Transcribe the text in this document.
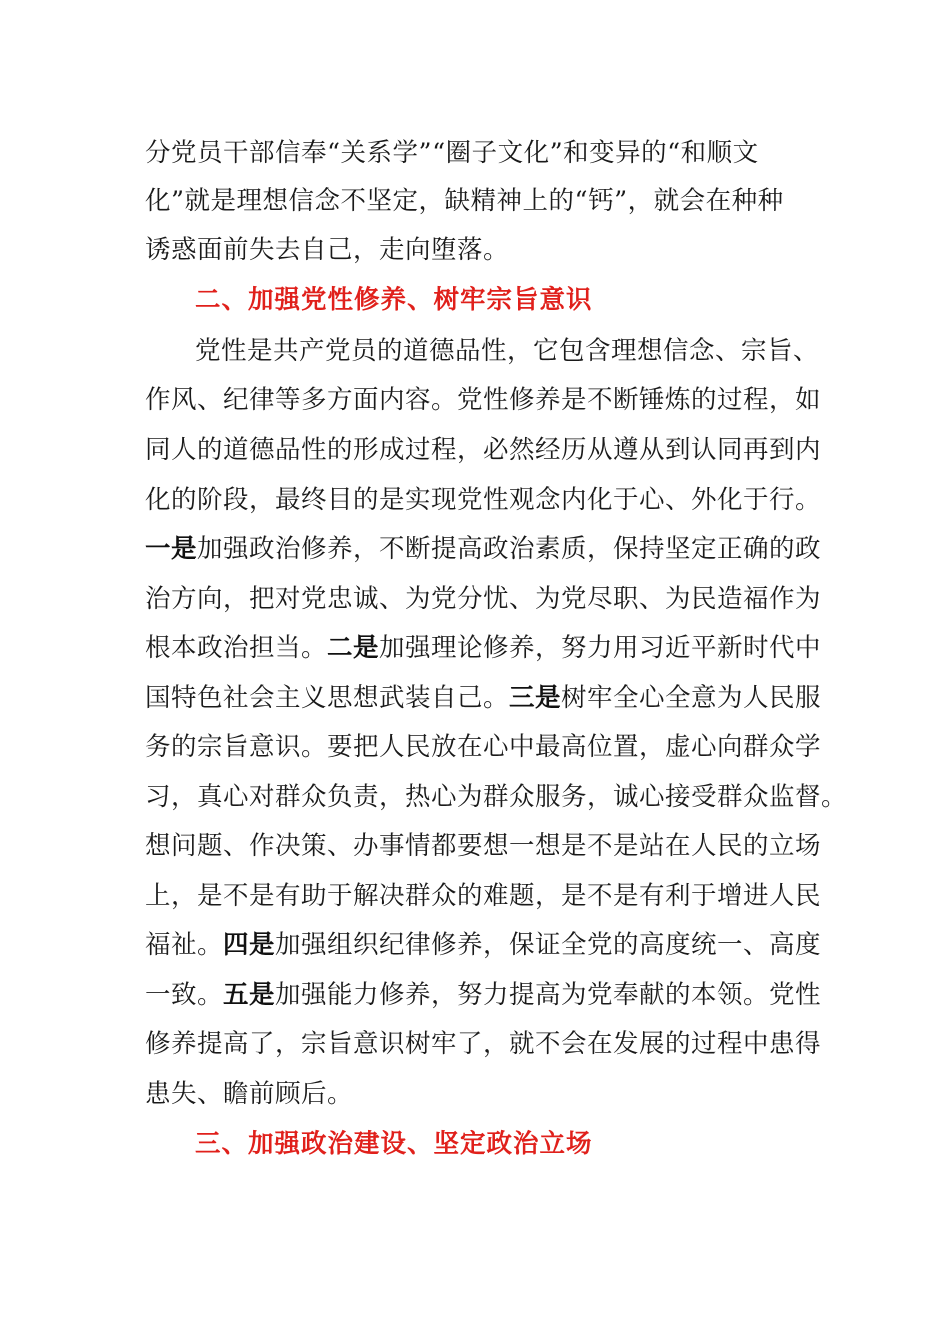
分党员干部信奉“关系学”“圈子文化”和变异的“和顺文
化”就是理想信念不坚定，缺精神上的“钙”，就会在种种
诱惑面前失去自己，走向堕落。
二、加强党性修养、树牢宗旨意识
党性是共产党员的道德品性，它包含理想信念、宗旨、
作风、纪律等多方面内容。党性修养是不断锤炼的过程，如
同人的道德品性的形成过程，必然经历从遵从到认同再到内
化的阶段，最终目的是实现党性观念内化于心、外化于行。
一是加强政治修养，不断提高政治素质，保持坚定正确的政
治方向，把对党忠诚、为党分忧、为党尽职、为民造福作为
根本政治担当。二是加强理论修养，努力用习近平新时代中
国特色社会主义思想武装自己。三是树牢全心全意为人民服
务的宗旨意识。要把人民放在心中最高位置，虚心向群众学
习，真心对群众负责，热心为群众服务，诚心接受群众监督。
想问题、作决策、办事情都要想一想是不是站在人民的立场
上，是不是有助于解决群众的难题，是不是有利于增进人民
福祉。四是加强组织纪律修养，保证全党的高度统一、高度
一致。五是加强能力修养，努力提高为党奉献的本领。党性
修养提高了，宗旨意识树牢了，就不会在发展的过程中患得
患失、瞻前顾后。
三、加强政治建设、坚定政治立场
